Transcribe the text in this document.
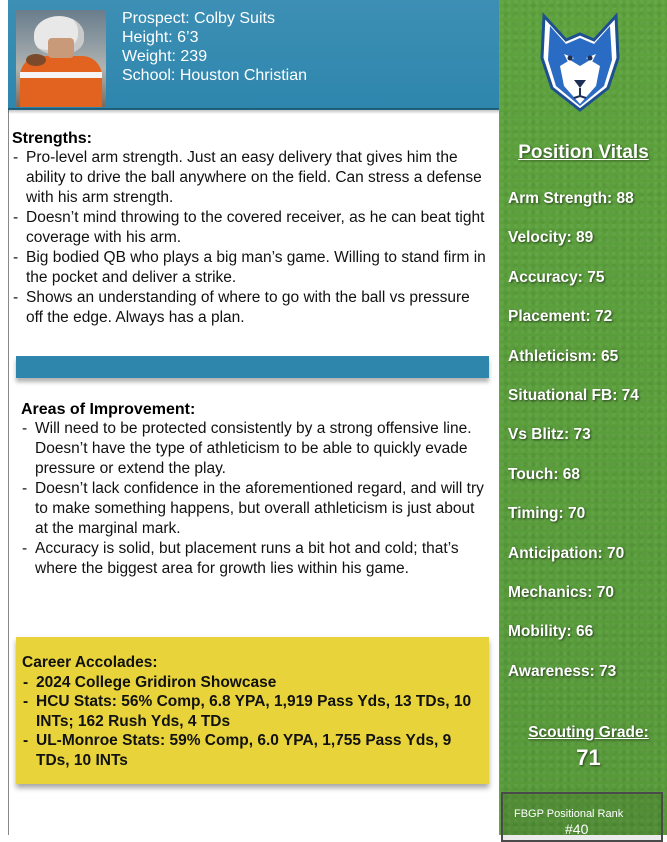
Prospect: Colby Suits
Height: 6’3
Weight: 239
School: Houston Christian
Strengths:
- Pro-level arm strength. Just an easy delivery that gives him the ability to drive the ball anywhere on the field. Can stress a defense with his arm strength.
- Doesn’t mind throwing to the covered receiver, as he can beat tight coverage with his arm.
- Big bodied QB who plays a big man’s game. Willing to stand firm in the pocket and deliver a strike.
- Shows an understanding of where to go with the ball vs pressure off the edge. Always has a plan.
Areas of Improvement:
- Will need to be protected consistently by a strong offensive line. Doesn’t have the type of athleticism to be able to quickly evade pressure or extend the play.
- Doesn’t lack confidence in the aforementioned regard, and will try to make something happens, but overall athleticism is just about at the marginal mark.
- Accuracy is solid, but placement runs a bit hot and cold; that’s where the biggest area for growth lies within his game.
Career Accolades:
- 2024 College Gridiron Showcase
- HCU Stats: 56% Comp, 6.8 YPA, 1,919 Pass Yds, 13 TDs, 10 INTs; 162 Rush Yds, 4 TDs
- UL-Monroe Stats: 59% Comp, 6.0 YPA, 1,755 Pass Yds, 9 TDs, 10 INTs
Position Vitals
Arm Strength: 88
Velocity: 89
Accuracy: 75
Placement: 72
Athleticism: 65
Situational FB: 74
Vs Blitz: 73
Touch: 68
Timing: 70
Anticipation: 70
Mechanics: 70
Mobility: 66
Awareness: 73
Scouting Grade:
71
FBGP Positional Rank
#40
